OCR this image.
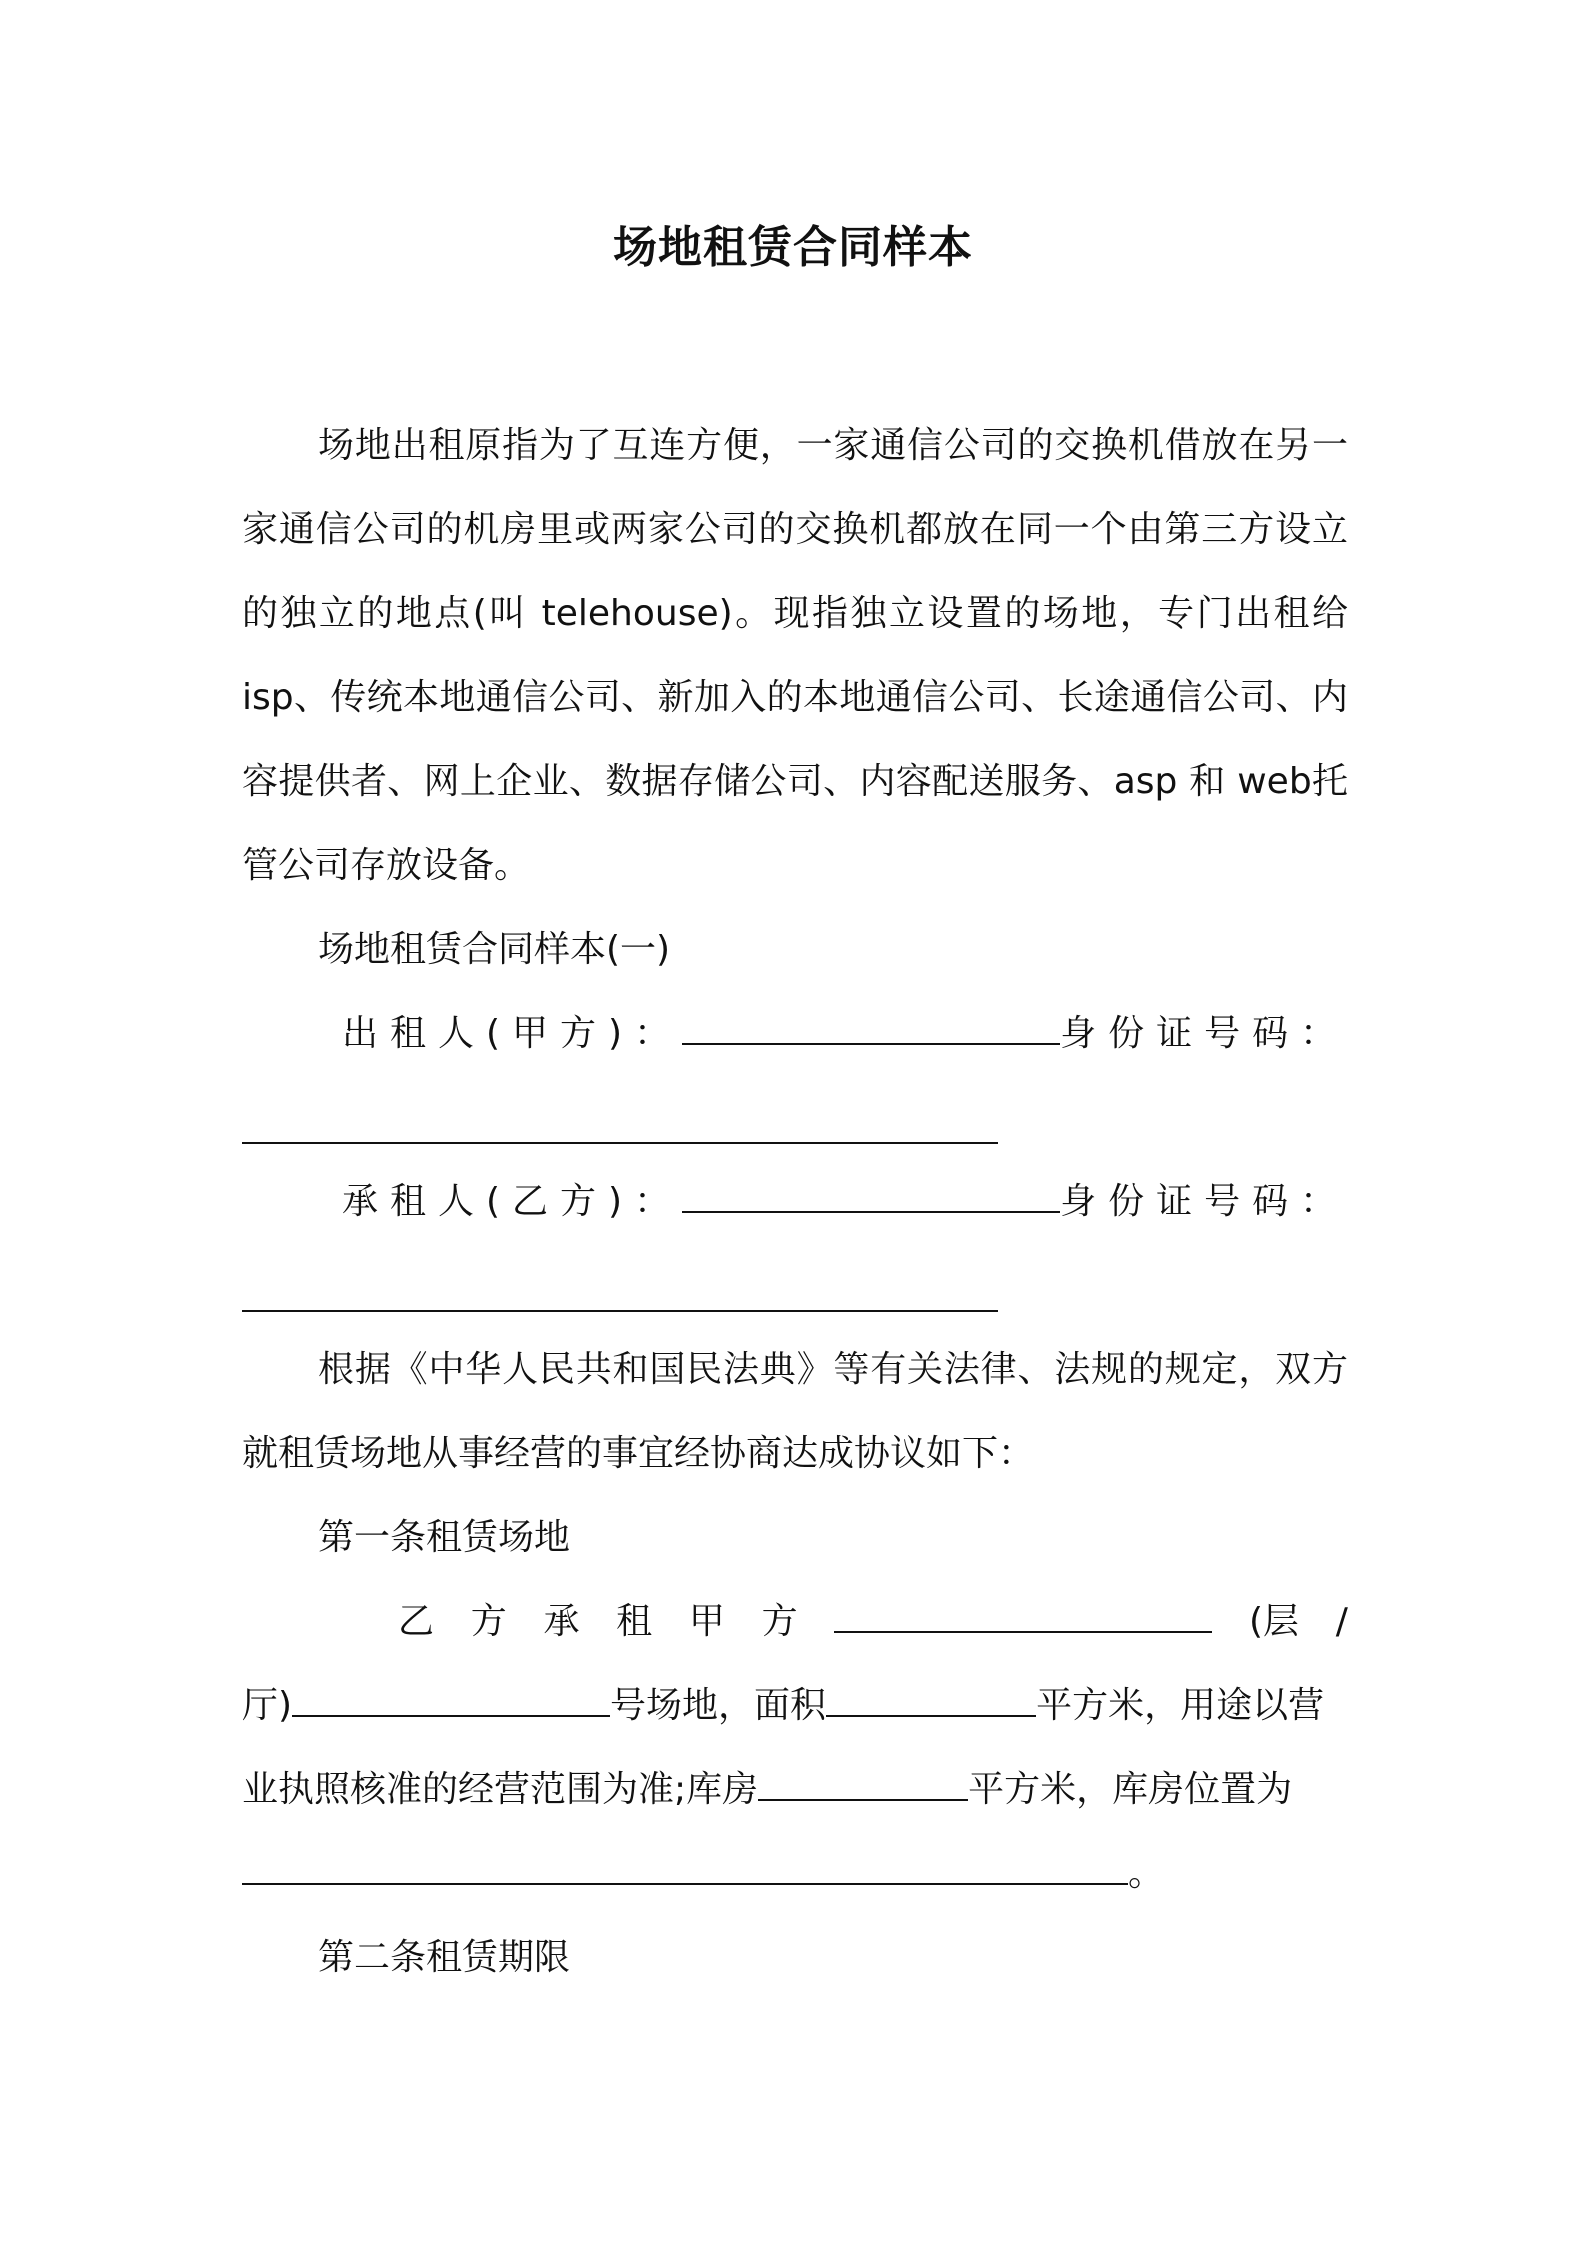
场地租赁合同样本

场地出租原指为了互连方便，一家通信公司的交换机借放在另一家通信公司的机房里或两家公司的交换机都放在同一个由第三方设立的独立的地点(叫 telehouse)。现指独立设置的场地，专门出租给isp、传统本地通信公司、新加入的本地通信公司、长途通信公司、内容提供者、网上企业、数据存储公司、内容配送服务、asp 和 web托管公司存放设备。

场地租赁合同样本(一)

出租人(甲方)：	身份证号码：
承租人(乙方)：	身份证号码：

根据《中华人民共和国民法典》等有关法律、法规的规定，双方就租赁场地从事经营的事宜经协商达成协议如下：

第一条租赁场地

乙 方 承 租 甲 方	(层 /
厅)	号场地，面积	平方米，用途以营
业执照核准的经营范围为准;库房	平方米，库房位置为
。

第二条租赁期限
